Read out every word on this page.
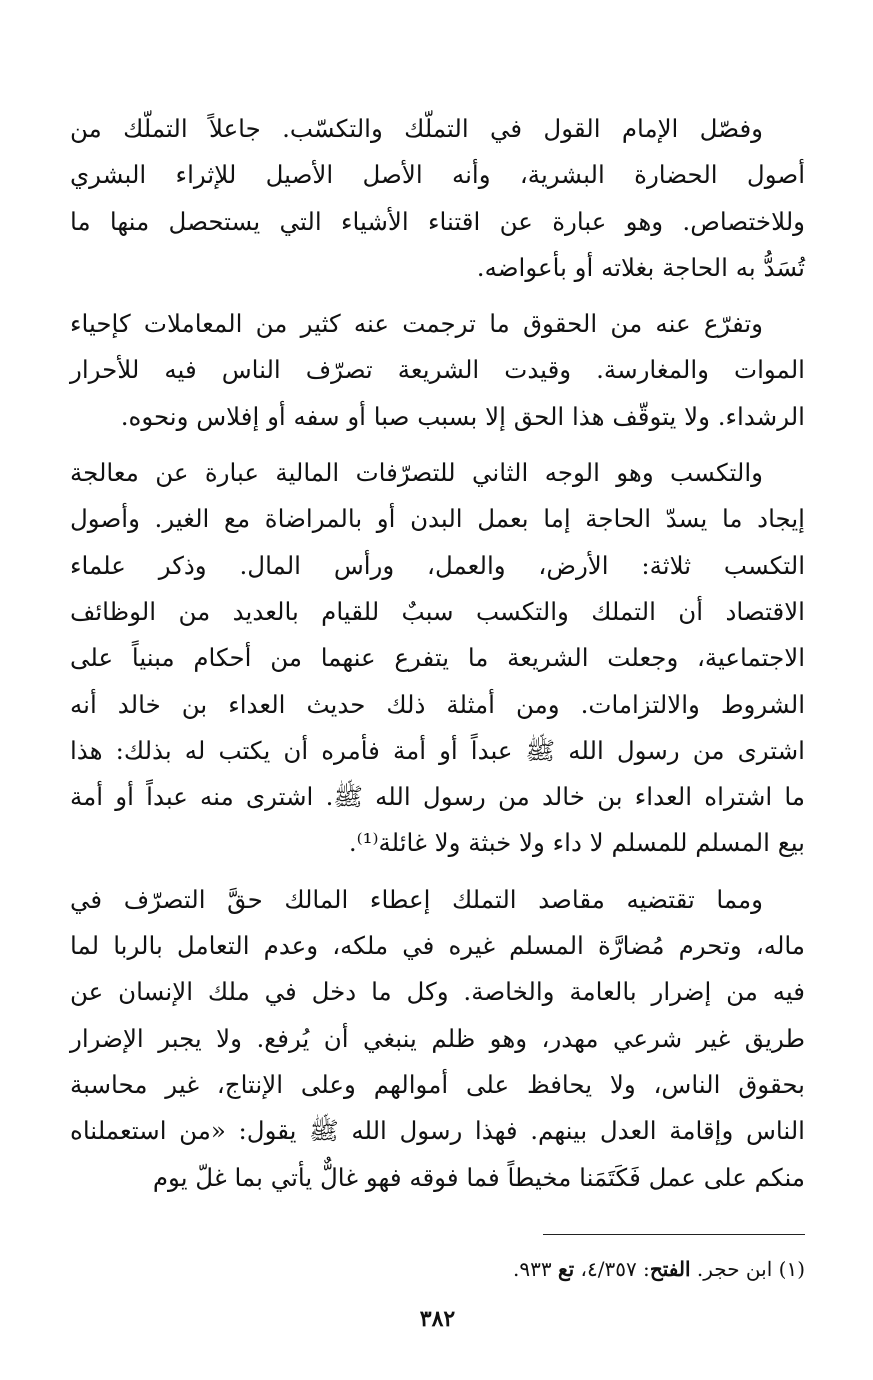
وفصّل الإمام القول في التملّك والتكسّب. جاعلاً التملّك من
أصول الحضارة البشرية، وأنه الأصل الأصيل للإثراء البشري
وللاختصاص. وهو عبارة عن اقتناء الأشياء التي يستحصل منها ما
تُسَدُّ به الحاجة بغلاته أو بأعواضه.

وتفرّع عنه من الحقوق ما ترجمت عنه كثير من المعاملات كإحياء
الموات والمغارسة. وقيدت الشريعة تصرّف الناس فيه للأحرار
الرشداء. ولا يتوقّف هذا الحق إلا بسبب صبا أو سفه أو إفلاس ونحوه.

والتكسب وهو الوجه الثاني للتصرّفات المالية عبارة عن معالجة
إيجاد ما يسدّ الحاجة إما بعمل البدن أو بالمراضاة مع الغير. وأصول
التكسب ثلاثة: الأرض، والعمل، ورأس المال. وذكر علماء
الاقتصاد أن التملك والتكسب سببٌ للقيام بالعديد من الوظائف
الاجتماعية، وجعلت الشريعة ما يتفرع عنهما من أحكام مبنياً على
الشروط والالتزامات. ومن أمثلة ذلك حديث العداء بن خالد أنه
اشترى من رسول الله ﷺ عبداً أو أمة فأمره أن يكتب له بذلك: هذا
ما اشتراه العداء بن خالد من رسول الله ﷺ. اشترى منه عبداً أو أمة
بيع المسلم للمسلم لا داء ولا خبثة ولا غائلة⁽¹⁾.

ومما تقتضيه مقاصد التملك إعطاء المالك حقَّ التصرّف في
ماله، وتحرم مُضارَّة المسلم غيره في ملكه، وعدم التعامل بالربا لما
فيه من إضرار بالعامة والخاصة. وكل ما دخل في ملك الإنسان عن
طريق غير شرعي مهدر، وهو ظلم ينبغي أن يُرفع. ولا يجبر الإضرار
بحقوق الناس، ولا يحافظ على أموالهم وعلى الإنتاج، غير محاسبة
الناس وإقامة العدل بينهم. فهذا رسول الله ﷺ يقول: «من استعملناه
منكم على عمل فَكَتَمَنا مخيطاً فما فوقه فهو غالٌّ يأتي بما غلّ يوم

(١) ابن حجر. الفتح: ٤/٣٥٧، تع ٩٣٣.
٣٨٢
